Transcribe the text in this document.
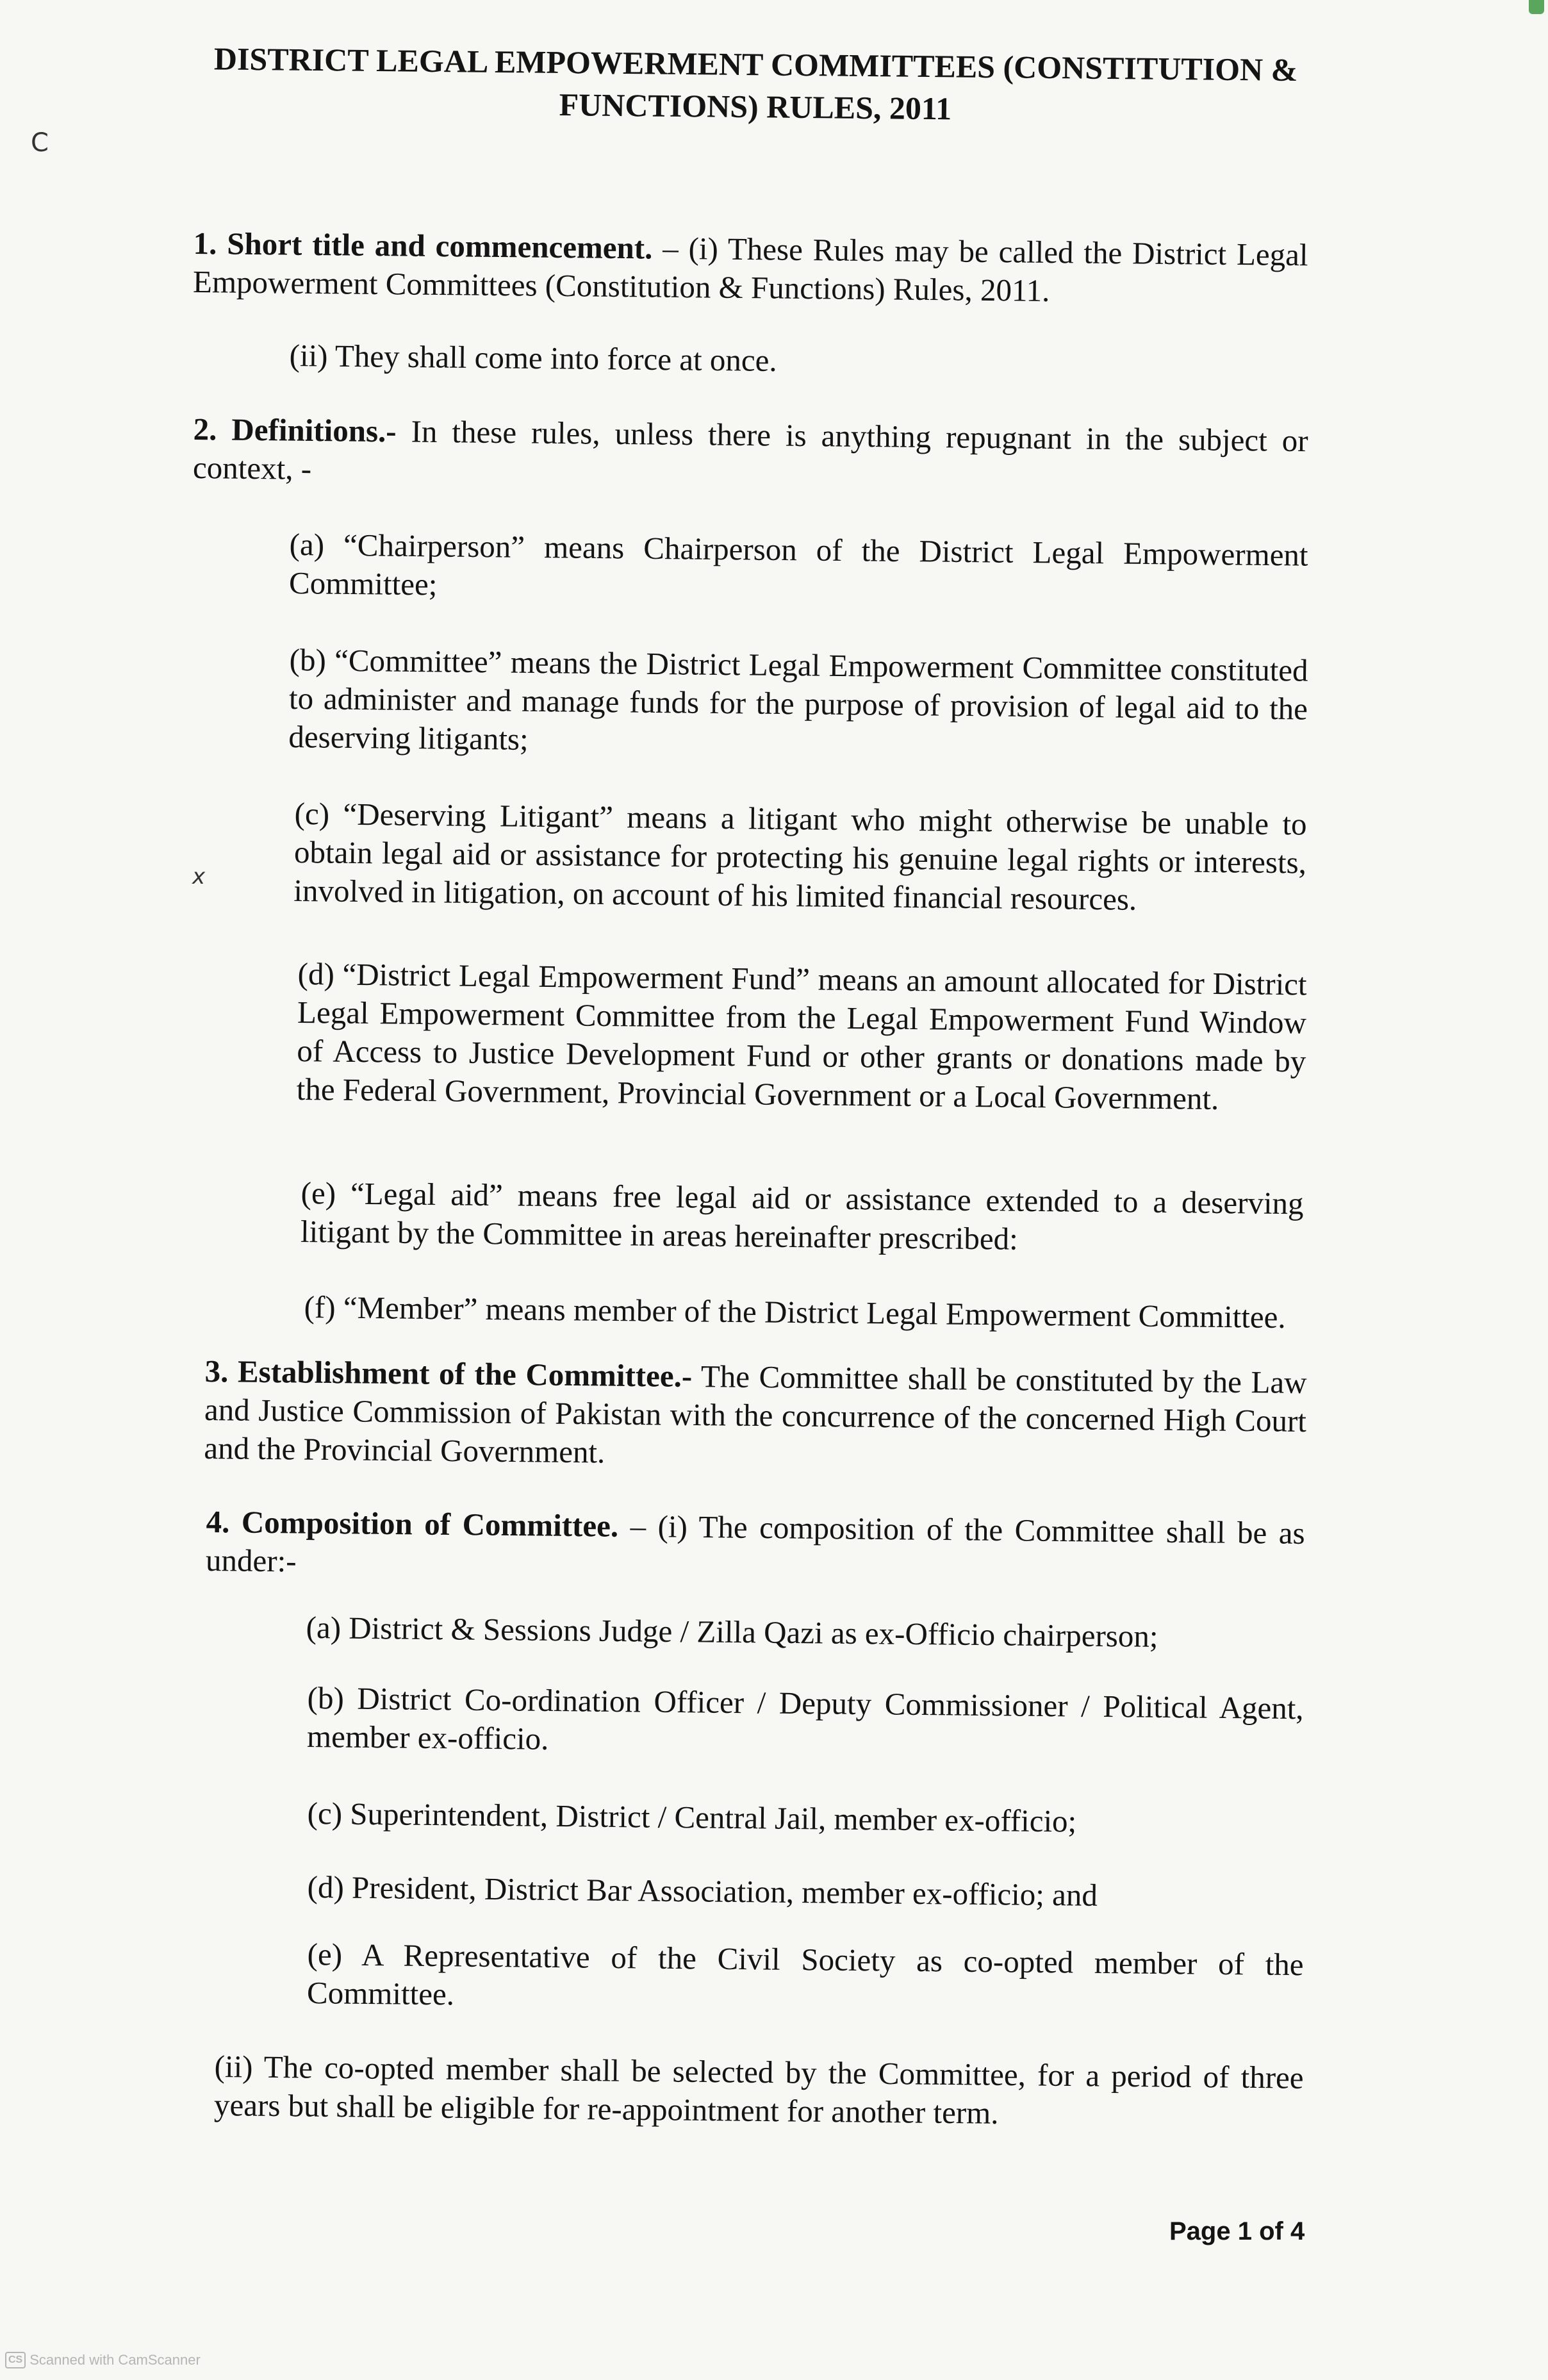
C
x
DISTRICT LEGAL EMPOWERMENT COMMITTEES (CONSTITUTION & FUNCTIONS) RULES, 2011
1. Short title and commencement. – (i) These Rules may be called the District Legal Empowerment Committees (Constitution & Functions) Rules, 2011.
(ii) They shall come into force at once.
2. Definitions.- In these rules, unless there is anything repugnant in the subject or context, -
(a) “Chairperson” means Chairperson of the District Legal Empowerment Committee;
(b) “Committee” means the District Legal Empowerment Committee constituted to administer and manage funds for the purpose of provision of legal aid to the deserving litigants;
(c) “Deserving Litigant” means a litigant who might otherwise be unable to obtain legal aid or assistance for protecting his genuine legal rights or interests, involved in litigation, on account of his limited financial resources.
(d) “District Legal Empowerment Fund” means an amount allocated for District Legal Empowerment Committee from the Legal Empowerment Fund Window of Access to Justice Development Fund or other grants or donations made by the Federal Government, Provincial Government or a Local Government.
(e) “Legal aid” means free legal aid or assistance extended to a deserving litigant by the Committee in areas hereinafter prescribed:
(f) “Member” means member of the District Legal Empowerment Committee.
3. Establishment of the Committee.- The Committee shall be constituted by the Law and Justice Commission of Pakistan with the concurrence of the concerned High Court and the Provincial Government.
4. Composition of Committee. – (i) The composition of the Committee shall be as under:-
(a) District & Sessions Judge / Zilla Qazi as ex-Officio chairperson;
(b) District Co-ordination Officer / Deputy Commissioner / Political Agent, member ex-officio.
(c) Superintendent, District / Central Jail, member ex-officio;
(d) President, District Bar Association, member ex-officio; and
(e) A Representative of the Civil Society as co-opted member of the Committee.
(ii) The co-opted member shall be selected by the Committee, for a period of three years but shall be eligible for re-appointment for another term.
Page 1 of 4
CS Scanned with CamScanner
